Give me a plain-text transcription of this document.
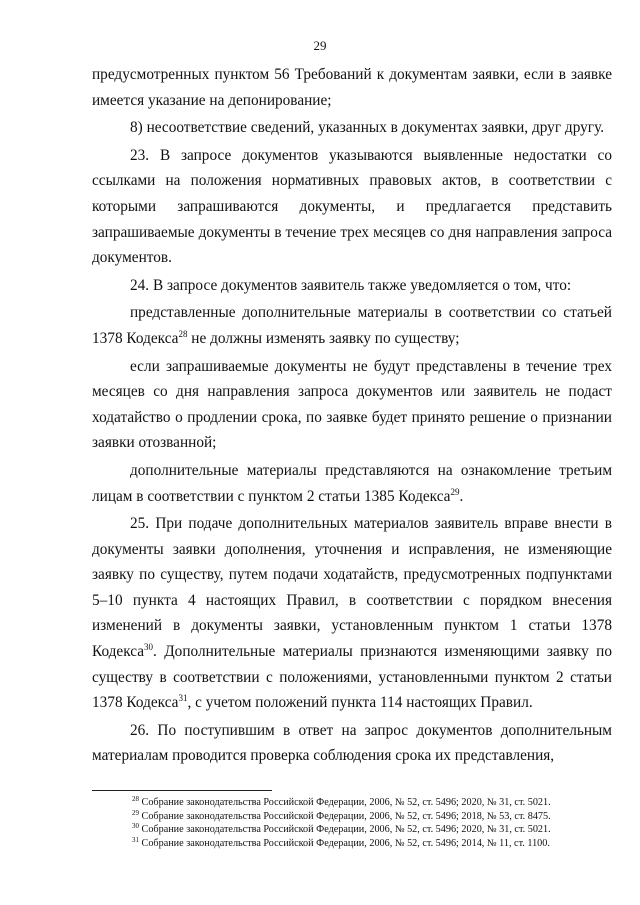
29

предусмотренных пунктом 56 Требований к документам заявки, если в заявке имеется указание на депонирование;

8) несоответствие сведений, указанных в документах заявки, друг другу.

23. В запросе документов указываются выявленные недостатки со ссылками на положения нормативных правовых актов, в соответствии с которыми запрашиваются документы, и предлагается представить запрашиваемые документы в течение трех месяцев со дня направления запроса документов.

24. В запросе документов заявитель также уведомляется о том, что:

представленные дополнительные материалы в соответствии со статьей 1378 Кодекса$^{28}$ не должны изменять заявку по существу;

если запрашиваемые документы не будут представлены в течение трех месяцев со дня направления запроса документов или заявитель не подаст ходатайство о продлении срока, по заявке будет принято решение о признании заявки отозванной;

дополнительные материалы представляются на ознакомление третьим лицам в соответствии с пунктом 2 статьи 1385 Кодекса$^{29}$.

25. При подаче дополнительных материалов заявитель вправе внести в документы заявки дополнения, уточнения и исправления, не изменяющие заявку по существу, путем подачи ходатайств, предусмотренных подпунктами 5–10 пункта 4 настоящих Правил, в соответствии с порядком внесения изменений в документы заявки, установленным пунктом 1 статьи 1378 Кодекса$^{30}$. Дополнительные материалы признаются изменяющими заявку по существу в соответствии с положениями, установленными пунктом 2 статьи 1378 Кодекса$^{31}$, с учетом положений пункта 114 настоящих Правил.

26. По поступившим в ответ на запрос документов дополнительным материалам проводится проверка соблюдения срока их представления,

$^{28}$ Собрание законодательства Российской Федерации, 2006, № 52, ст. 5496; 2020, № 31, ст. 5021.

$^{29}$ Собрание законодательства Российской Федерации, 2006, № 52, ст. 5496; 2018, № 53, ст. 8475.

$^{30}$ Собрание законодательства Российской Федерации, 2006, № 52, ст. 5496; 2020, № 31, ст. 5021.

$^{31}$ Собрание законодательства Российской Федерации, 2006, № 52, ст. 5496; 2014, № 11, ст. 1100.
